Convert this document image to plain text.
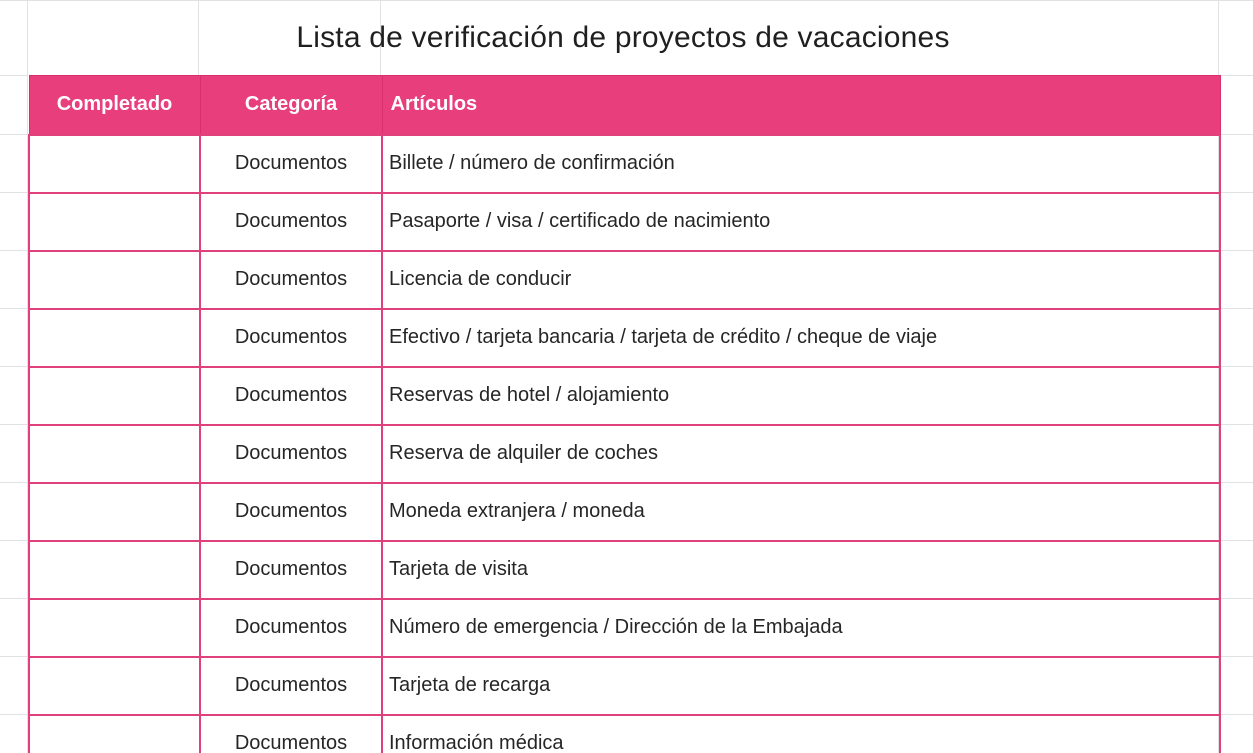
Lista de verificación de proyectos de vacaciones
Completado	Categoría	Artículos
	Documentos	Billete / número de confirmación
	Documentos	Pasaporte / visa / certificado de nacimiento
	Documentos	Licencia de conducir
	Documentos	Efectivo / tarjeta bancaria / tarjeta de crédito / cheque de viaje
	Documentos	Reservas de hotel / alojamiento
	Documentos	Reserva de alquiler de coches
	Documentos	Moneda extranjera / moneda
	Documentos	Tarjeta de visita
	Documentos	Número de emergencia / Dirección de la Embajada
	Documentos	Tarjeta de recarga
	Documentos	Información médica
